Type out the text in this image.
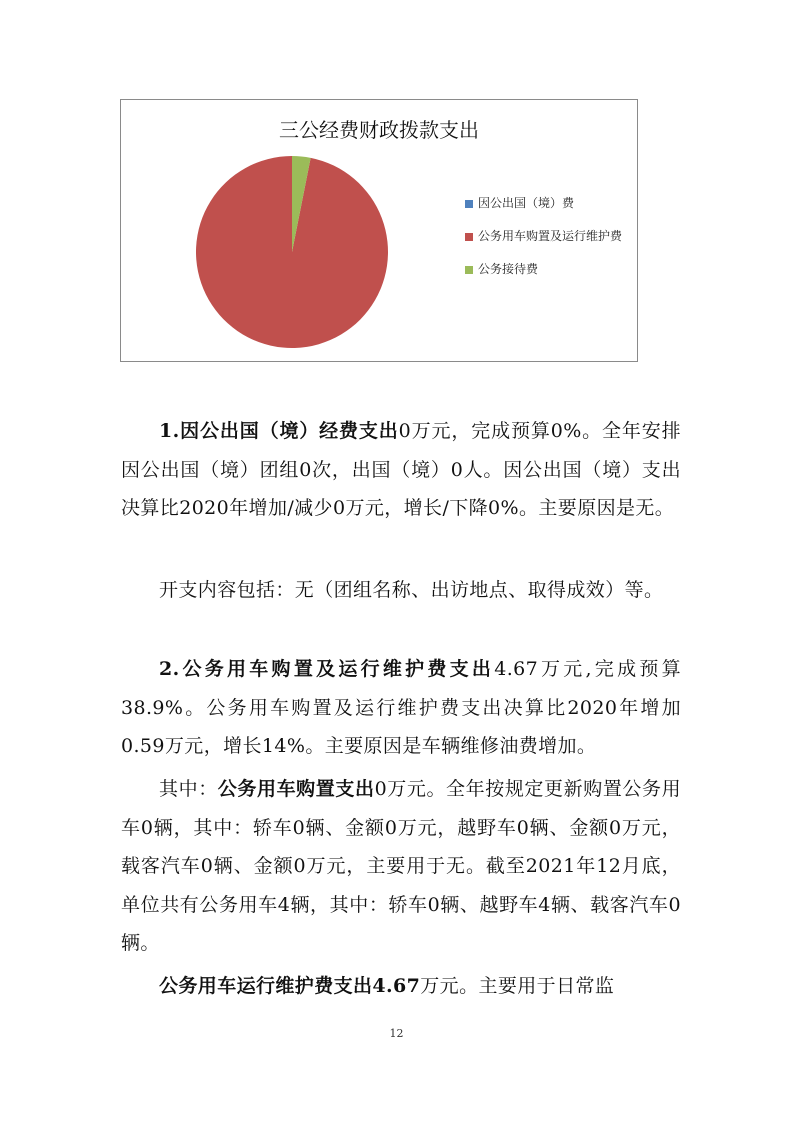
三公经费财政拨款支出
因公出国（境）费
公务用车购置及运行维护费
公务接待费

1.因公出国（境）经费支出0万元，完成预算0%。全年安排因公出国（境）团组0次，出国（境）0人。因公出国（境）支出决算比2020年增加/减少0万元，增长/下降0%。主要原因是无。

开支内容包括：无（团组名称、出访地点、取得成效）等。

2.公务用车购置及运行维护费支出4.67万元,完成预算38.9%。公务用车购置及运行维护费支出决算比2020年增加0.59万元，增长14%。主要原因是车辆维修油费增加。

其中：公务用车购置支出0万元。全年按规定更新购置公务用车0辆，其中：轿车0辆、金额0万元，越野车0辆、金额0万元，载客汽车0辆、金额0万元，主要用于无。截至2021年12月底，单位共有公务用车4辆，其中：轿车0辆、越野车4辆、载客汽车0辆。

公务用车运行维护费支出4.67万元。主要用于日常监

12
